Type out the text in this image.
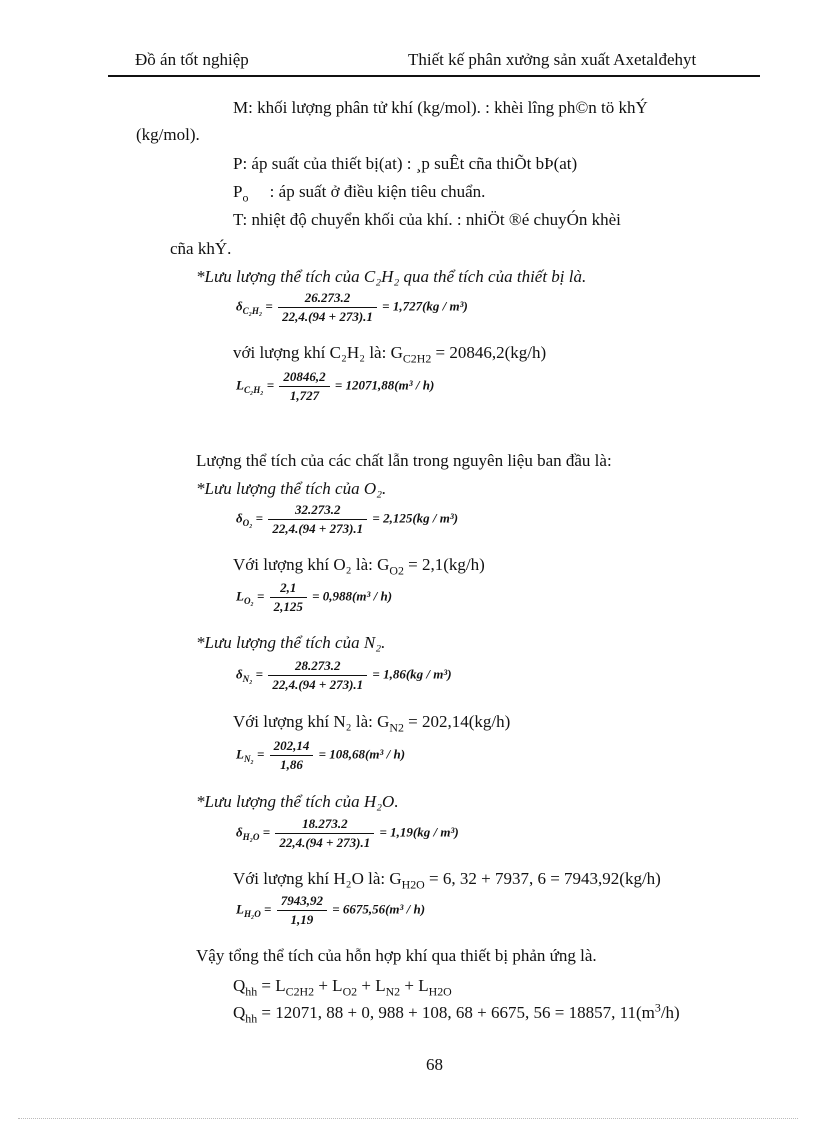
Đồ án tốt nghiệp	Thiết kế phân xưởng sản xuất Axetalđehyt
M: khối lượng phân tử khí (kg/mol). : khèi lîng ph©n tö khÝ
(kg/mol).
P: áp suất của thiết bị(at) : ¸p suÊt cña thiÕt bÞ(at)
$P_o$ : áp suất ở điều kiện tiêu chuẩn.
T: nhiệt độ chuyển khối của khí. : nhiÖt ®é chuyÓn khèi
cña khÝ.
*Lưu lượng thể tích của C₂H₂ qua thể tích của thiết bị là.
$\delta_{C_2H_2} = \frac{26.273.2}{22,4.(94 + 273).1} = 1,727(kg / m^3)$
với lượng khí C₂H₂ là: $G_{C2H2} = 20846,2(kg/h)$
$L_{C_2H_2} = \frac{20846,2}{1,727} = 12071,88(m^3 / h)$
Lượng thể tích của các chất lẫn trong nguyên liệu ban đầu là:
*Lưu lượng thể tích của O₂.
$\delta_{O_2} = \frac{32.273.2}{22,4.(94 + 273).1} = 2,125(kg / m^3)$
Với lượng khí O₂ là: $G_{O2} = 2,1(kg/h)$
$L_{O_2} = \frac{2,1}{2,125} = 0,988(m^3 / h)$
*Lưu lượng thể tích của N₂.
$\delta_{N_2} = \frac{28.273.2}{22,4.(94 + 273).1} = 1,86(kg / m^3)$
Với lượng khí N₂ là: $G_{N2} = 202,14(kg/h)$
$L_{N_2} = \frac{202,14}{1,86} = 108,68(m^3 / h)$
*Lưu lượng thể tích của H₂O.
$\delta_{H_2O} = \frac{18.273.2}{22,4.(94 + 273).1} = 1,19(kg / m^3)$
Với lượng khí H₂O là: $G_{H2O} = 6$, 32 + 7937, 6 = 7943,92(kg/h)
$L_{H_2O} = \frac{7943,92}{1,19} = 6675,56(m^3 / h)$
Vậy tổng thể tích của hỗn hợp khí qua thiết bị phản ứng là.
$Q_{hh} = L_{C2H2} + L_{O2} + L_{N2} + L_{H2O}$
$Q_{hh} = 12071$, 88 + 0, 988 + 108, 68 + 6675, 56 = 18857, $11(m^3/h)$
68
